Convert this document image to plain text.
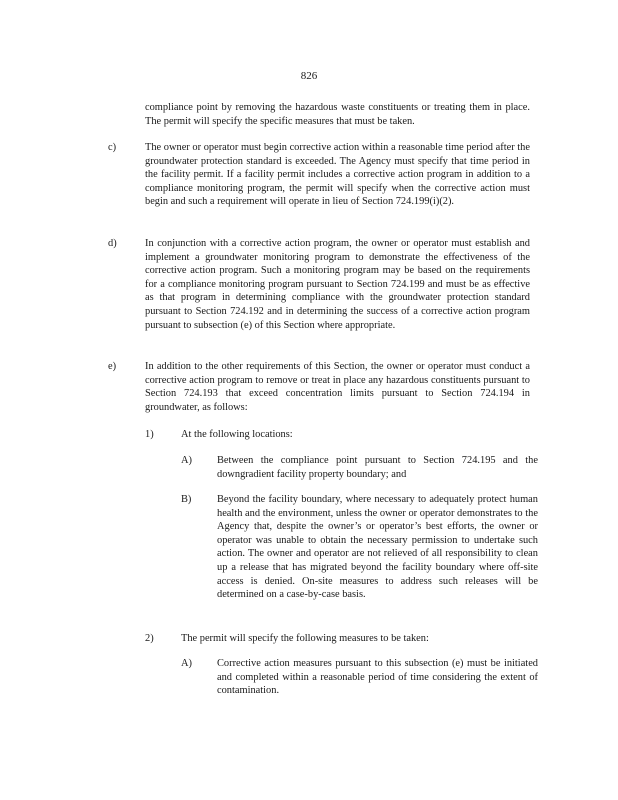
826

compliance point by removing the hazardous waste constituents or treating them in place. The permit will specify the specific measures that must be taken.

c)	The owner or operator must begin corrective action within a reasonable time period after the groundwater protection standard is exceeded. The Agency must specify that time period in the facility permit. If a facility permit includes a corrective action program in addition to a compliance monitoring program, the permit will specify when the corrective action must begin and such a requirement will operate in lieu of Section 724.199(i)(2).

d)	In conjunction with a corrective action program, the owner or operator must establish and implement a groundwater monitoring program to demonstrate the effectiveness of the corrective action program. Such a monitoring program may be based on the requirements for a compliance monitoring program pursuant to Section 724.199 and must be as effective as that program in determining compliance with the groundwater protection standard pursuant to Section 724.192 and in determining the success of a corrective action program pursuant to subsection (e) of this Section where appropriate.

e)	In addition to the other requirements of this Section, the owner or operator must conduct a corrective action program to remove or treat in place any hazardous constituents pursuant to Section 724.193 that exceed concentration limits pursuant to Section 724.194 in groundwater, as follows:

1)	At the following locations:

A) Between the compliance point pursuant to Section 724.195 and the downgradient facility property boundary; and

B) Beyond the facility boundary, where necessary to adequately protect human health and the environment, unless the owner or operator demonstrates to the Agency that, despite the owner’s or operator’s best efforts, the owner or operator was unable to obtain the necessary permission to undertake such action. The owner and operator are not relieved of all responsibility to clean up a release that has migrated beyond the facility boundary where off-site access is denied. On-site measures to address such releases will be determined on a case-by-case basis.

2)	The permit will specify the following measures to be taken:

A) Corrective action measures pursuant to this subsection (e) must be initiated and completed within a reasonable period of time considering the extent of contamination.
